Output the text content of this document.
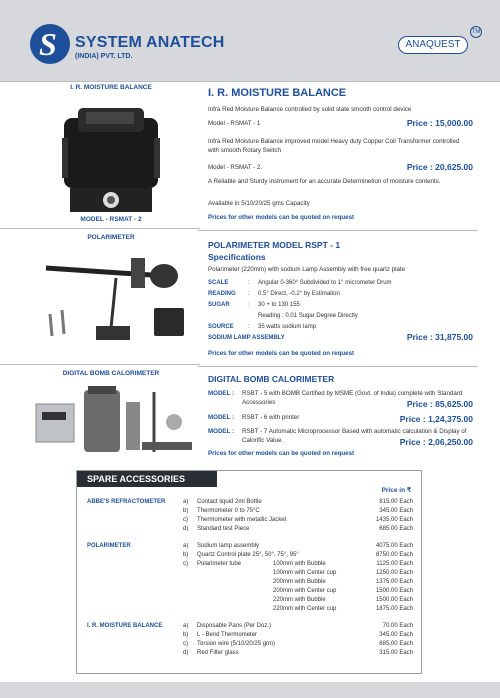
S SYSTEM ANATECH
(INDIA) PVT. LTD.
TM
ANAQUEST
I. R. MOISTURE BALANCE
MODEL - RSMAT - 2
POLARIMETER
DIGITAL BOMB CALORIMETER
I. R. MOISTURE BALANCE
Infra Red Moisture Balance controlled by solid state smooth control device
Model - RSMAT - 1	Price : 15,000.00
Infra Red Moisture Balance improved model Heavy duty Copper Coil Transformer controlled with smooth Rotary Switch
Model - RSMAT - 2.	Price : 20,625.00
A Reliable and Sturdy instrument for an accurate Determinetion of moisture contents.
Available in 5/10/20/25 gms Capacity
Prices for other models can be quoted on request
POLARIMETER MODEL RSPT - 1
Specifications
Polarimeter (220mm) with sodium Lamp Assembly with free quartz plate
SCALE	: Angular 0-360° Subdivided to 1° micrometer Drum
READING : 0.5° Direct, -0.2° by Estimation
SUGAR	: 30 + to 130 155
Reading : 0.01 Sugar Degree Directly
SOURCE : 35 watts sodium lamp
SODIUM LAMP ASSEMBLY	Price : 31,875.00
Prices for other models can be quoted on request
DIGITAL BOMB CALORIMETER
MODEL : RSBT - 5 with BOMB Certified by MSME (Govt. of India) complete with Standard Accessories	Price : 85,625.00
MODEL : RSBT - 6 with printer	Price : 1,24,375.00
MODEL : RSBT - 7 Automatic Microprocessor Based with automatic calculation & Display of Calorific Value.	Price : 2,06,250.00
Prices for other models can be quoted on request
SPARE ACCESSORIES
Price in ₹
ABBE'S REFRACTOMETER	a) Contact liquid 2ml Bottle	815.00 Each
b) Thermometer 0 to 75°C	345.00 Each
c) Thermometer with metallic Jacket	1435.00 Each
d) Standard test Piece	685.00 Each
POLARIMETER	a) Sodium lamp assembly	4075.00 Each
b) Quartz Control plate 25°, 50°, 75°, 95°	8750.00 Each
c) Polarimeter tube	100mm with Bubble	1125.00 Each
100mm with Center cup	1250.00 Each
200mm with Bubble	1375.00 Each
200mm with Center cup	1500.00 Each
220mm with Bubble	1500.00 Each
220mm with Center cup	1875.00 Each
I. R. MOISTURE BALANCE	a) Disposable Pans (Per Doz.)	70.00 Each
b) L - Bend Thermometer	345.00 Each
c) Torsion wire (5/10/20/25 grm)	685.00 Each
d) Red Filter glass	315.00 Each
